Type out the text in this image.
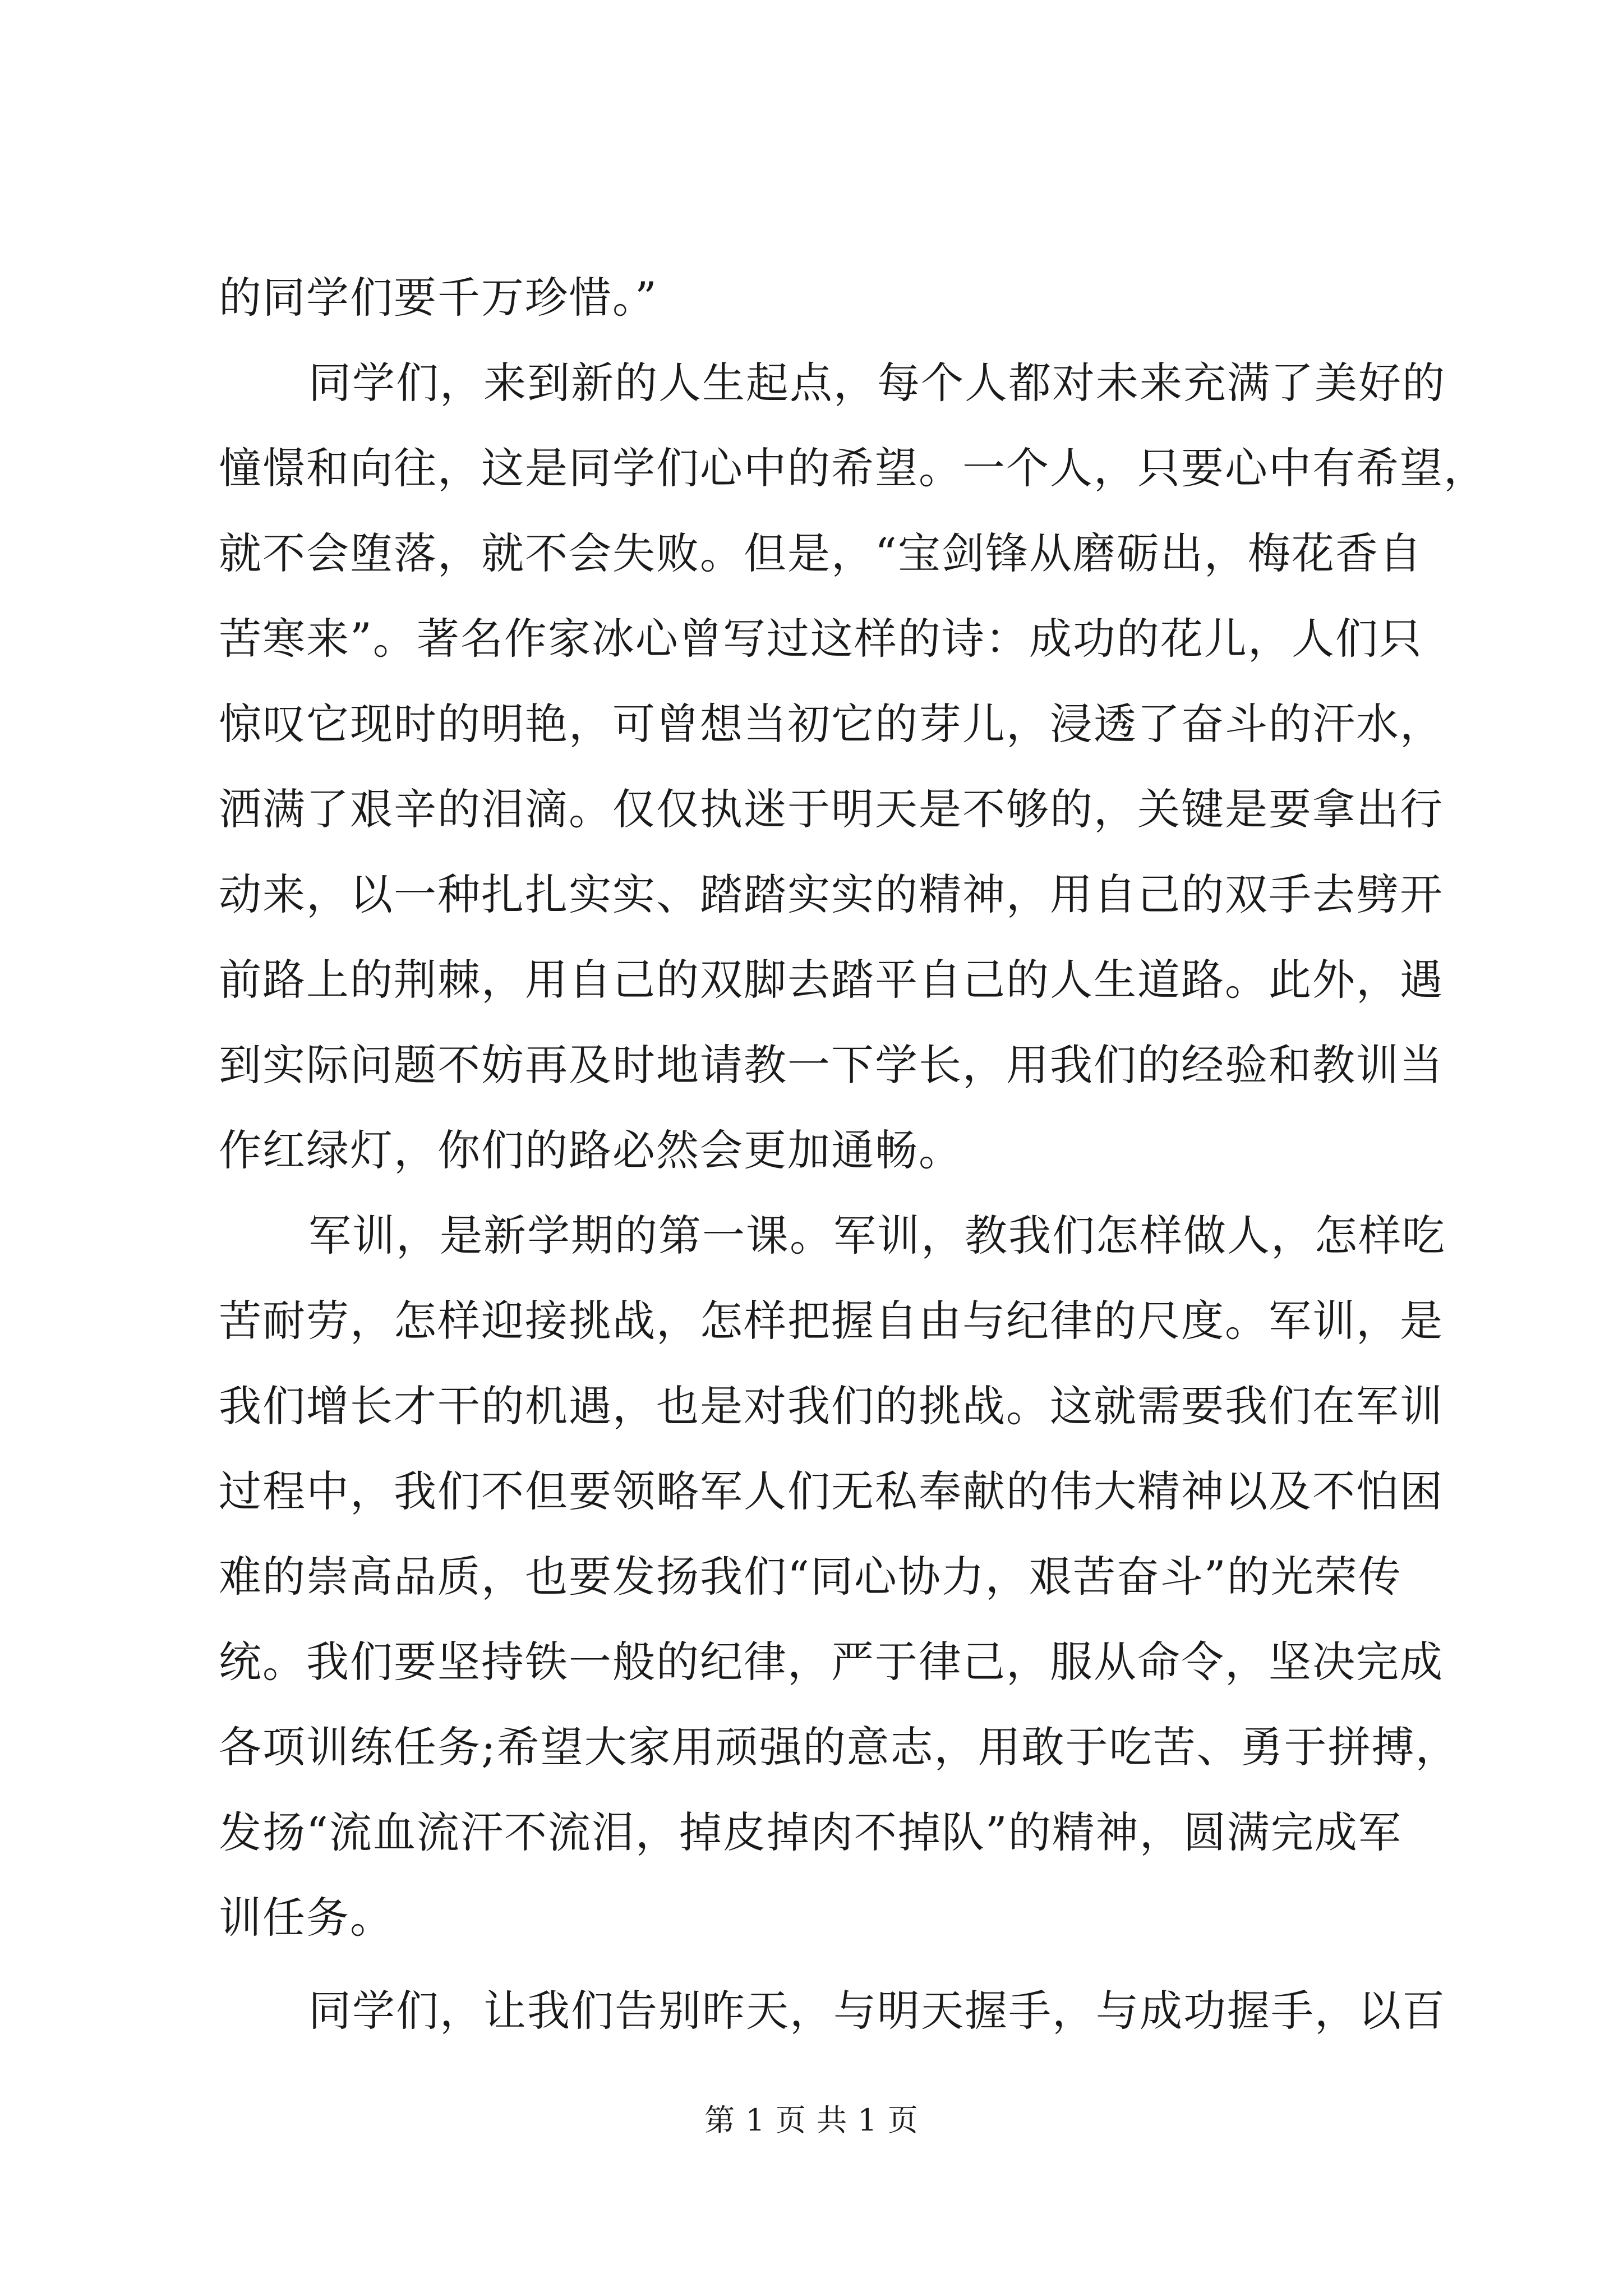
的同学们要千万珍惜。”
同学们，来到新的人生起点，每个人都对未来充满了美好的
憧憬和向往，这是同学们心中的希望。一个人，只要心中有希望，
就不会堕落，就不会失败。但是，“宝剑锋从磨砺出，梅花香自
苦寒来”。著名作家冰心曾写过这样的诗：成功的花儿，人们只
惊叹它现时的明艳，可曾想当初它的芽儿，浸透了奋斗的汗水，
洒满了艰辛的泪滴。仅仅执迷于明天是不够的，关键是要拿出行
动来，以一种扎扎实实、踏踏实实的精神，用自己的双手去劈开
前路上的荆棘，用自己的双脚去踏平自己的人生道路。此外，遇
到实际问题不妨再及时地请教一下学长，用我们的经验和教训当
作红绿灯，你们的路必然会更加通畅。
军训，是新学期的第一课。军训，教我们怎样做人，怎样吃
苦耐劳，怎样迎接挑战，怎样把握自由与纪律的尺度。军训，是
我们增长才干的机遇，也是对我们的挑战。这就需要我们在军训
过程中，我们不但要领略军人们无私奉献的伟大精神以及不怕困
难的崇高品质，也要发扬我们“同心协力，艰苦奋斗”的光荣传
统。我们要坚持铁一般的纪律，严于律己，服从命令，坚决完成
各项训练任务;希望大家用顽强的意志，用敢于吃苦、勇于拼搏，
发扬“流血流汗不流泪，掉皮掉肉不掉队”的精神，圆满完成军
训任务。
同学们，让我们告别昨天，与明天握手，与成功握手，以百
第 1 页 共 1 页
